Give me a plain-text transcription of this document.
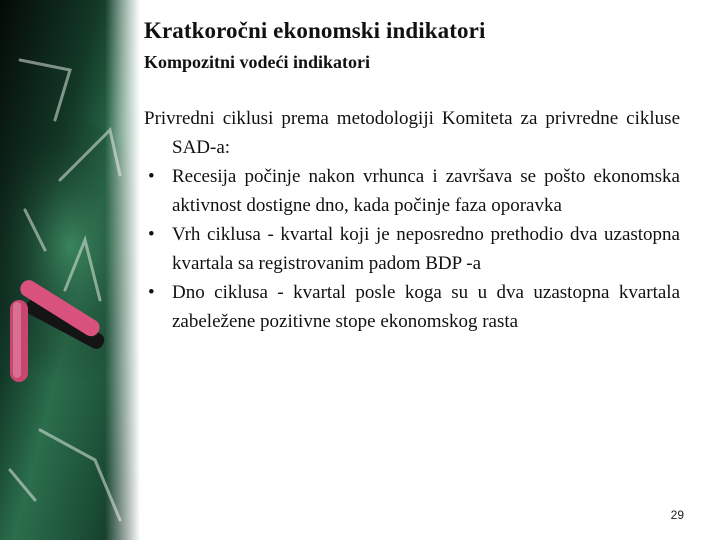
Kratkoročni ekonomski indikatori
Kompozitni vodeći indikatori

Privredni ciklusi prema metodologiji Komiteta za privredne cikluse SAD-a:

• Recesija počinje nakon vrhunca i završava se pošto ekonomska aktivnost dostigne dno, kada počinje faza oporavka
• Vrh ciklusa - kvartal koji je neposredno prethodio dva uzastopna kvartala sa registrovanim padom BDP -a
• Dno ciklusa - kvartal posle koga su u dva uzastopna kvartala zabeležene pozitivne stope ekonomskog rasta
29
